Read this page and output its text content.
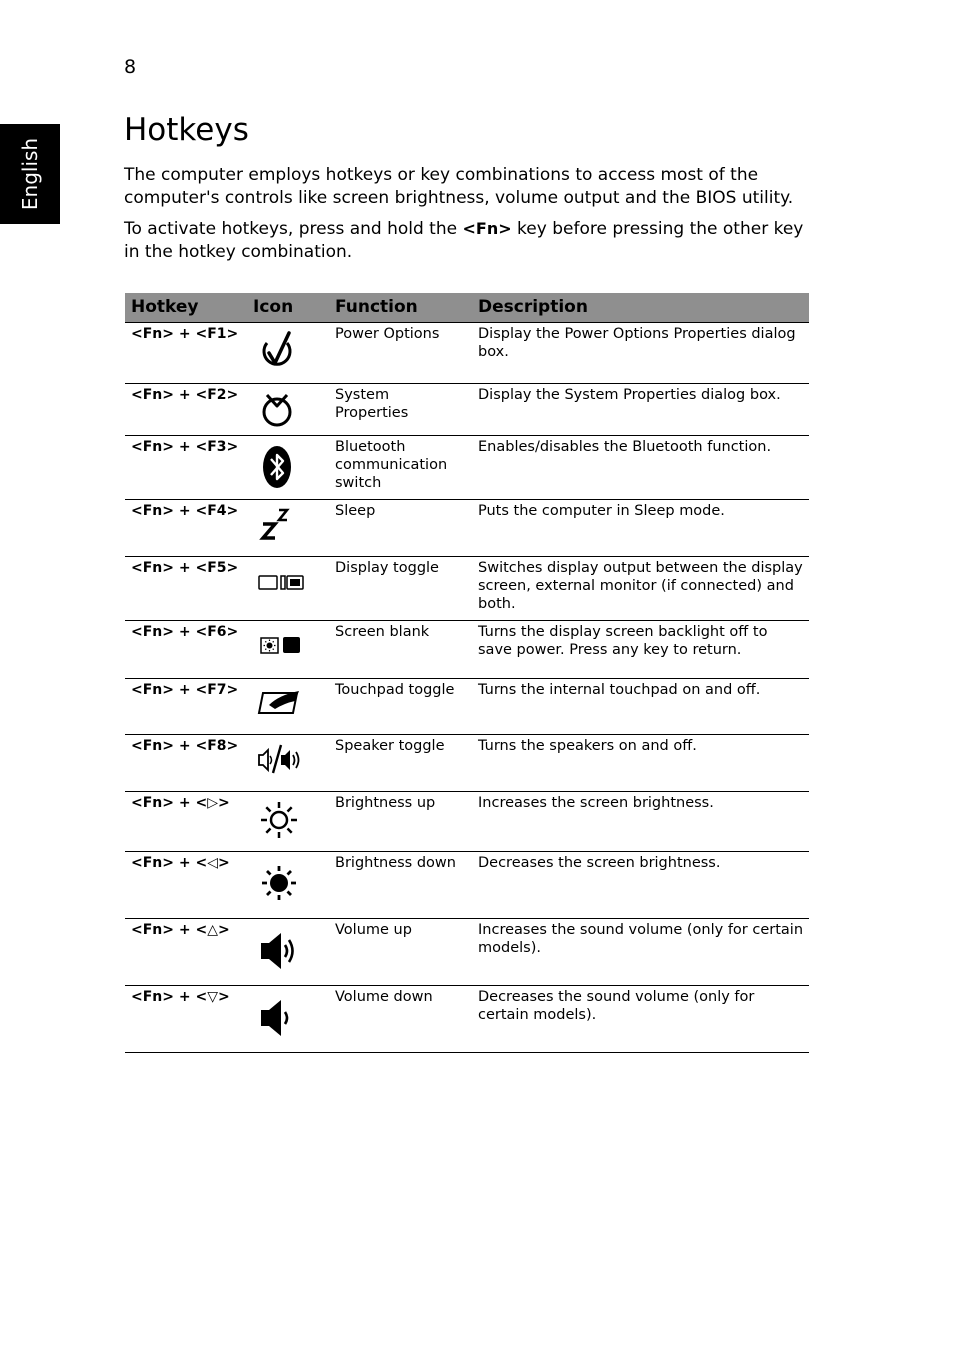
8
English
Hotkeys

The computer employs hotkeys or key combinations to access most of the computer's controls like screen brightness, volume output and the BIOS utility.

To activate hotkeys, press and hold the <Fn> key before pressing the other key in the hotkey combination.

Hotkey	Icon	Function	Description
<Fn> + <F1>		Power Options	Display the Power Options Properties dialog box.
<Fn> + <F2>		System Properties	Display the System Properties dialog box.
<Fn> + <F3>		Bluetooth communication switch	Enables/disables the Bluetooth function.
<Fn> + <F4>		Sleep	Puts the computer in Sleep mode.
<Fn> + <F5>		Display toggle	Switches display output between the display screen, external monitor (if connected) and both.
<Fn> + <F6>		Screen blank	Turns the display screen backlight off to save power. Press any key to return.
<Fn> + <F7>		Touchpad toggle	Turns the internal touchpad on and off.
<Fn> + <F8>		Speaker toggle	Turns the speakers on and off.
<Fn> + <▷>		Brightness up	Increases the screen brightness.
<Fn> + <◁>		Brightness down	Decreases the screen brightness.
<Fn> + <△>		Volume up	Increases the sound volume (only for certain models).
<Fn> + <▽>		Volume down	Decreases the sound volume (only for certain models).
